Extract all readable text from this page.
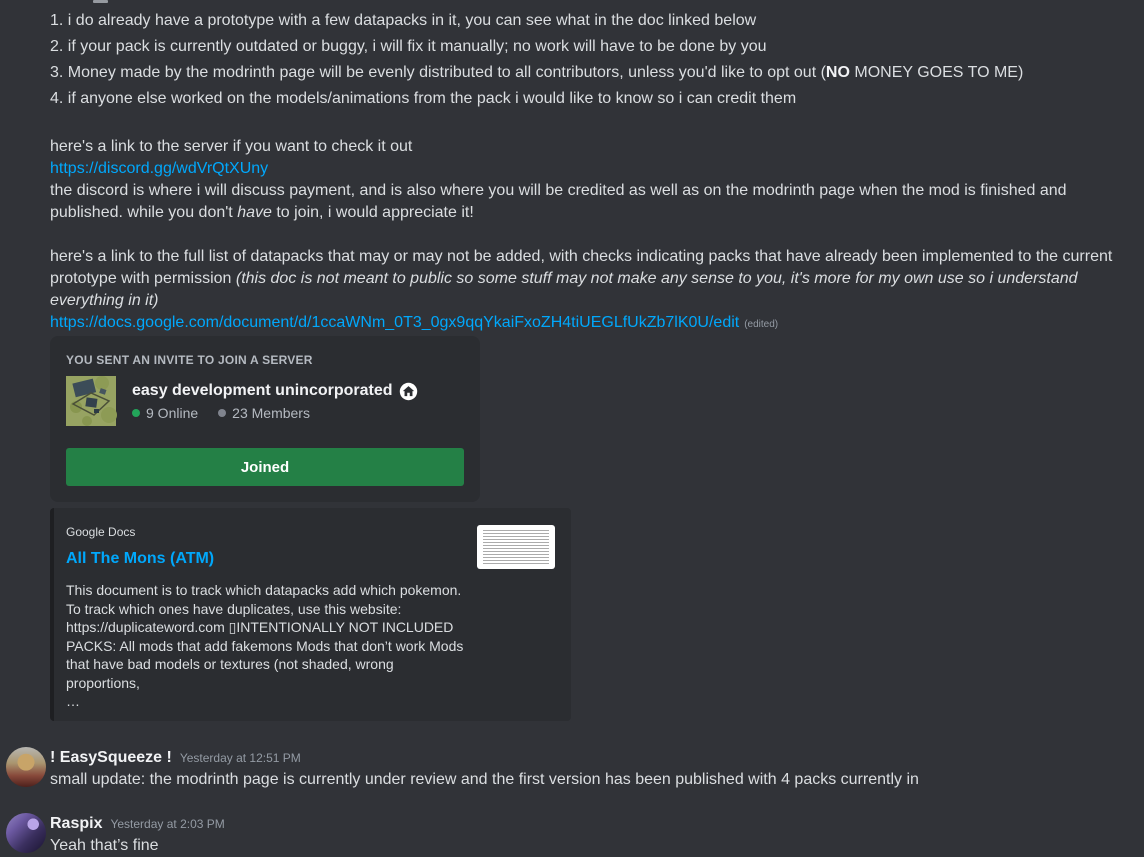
1. i do already have a prototype with a few datapacks in it, you can see what in the doc linked below
2. if your pack is currently outdated or buggy, i will fix it manually; no work will have to be done by you
3. Money made by the modrinth page will be evenly distributed to all contributors, unless you'd like to opt out (NO MONEY GOES TO ME)
4. if anyone else worked on the models/animations from the pack i would like to know so i can credit them
here's a link to the server if you want to check it out
https://discord.gg/wdVrQtXUny
the discord is where i will discuss payment, and is also where you will be credited as well as on the modrinth page when the mod is finished and published. while you don't have to join, i would appreciate it!
here's a link to the full list of datapacks that may or may not be added, with checks indicating packs that have already been implemented to the current prototype with permission (this doc is not meant to public so some stuff may not make any sense to you, it's more for my own use so i understand everything in it)
https://docs.google.com/document/d/1ccaWNm_0T3_0gx9qqYkaiFxoZH4tiUEGLfUkZb7lK0U/edit (edited)
YOU SENT AN INVITE TO JOIN A SERVER
easy development unincorporated
9 Online 23 Members
Joined
Google Docs
All The Mons (ATM)
This document is to track which datapacks add which pokemon.
To track which ones have duplicates, use this website:
https://duplicateword.com ▯INTENTIONALLY NOT INCLUDED
PACKS: All mods that add fakemons Mods that don’t work Mods
that have bad models or textures (not shaded, wrong proportions,
…
! EasySqueeze ! Yesterday at 12:51 PM
small update: the modrinth page is currently under review and the first version has been published with 4 packs currently in
Raspix Yesterday at 2:03 PM
Yeah that’s fine
